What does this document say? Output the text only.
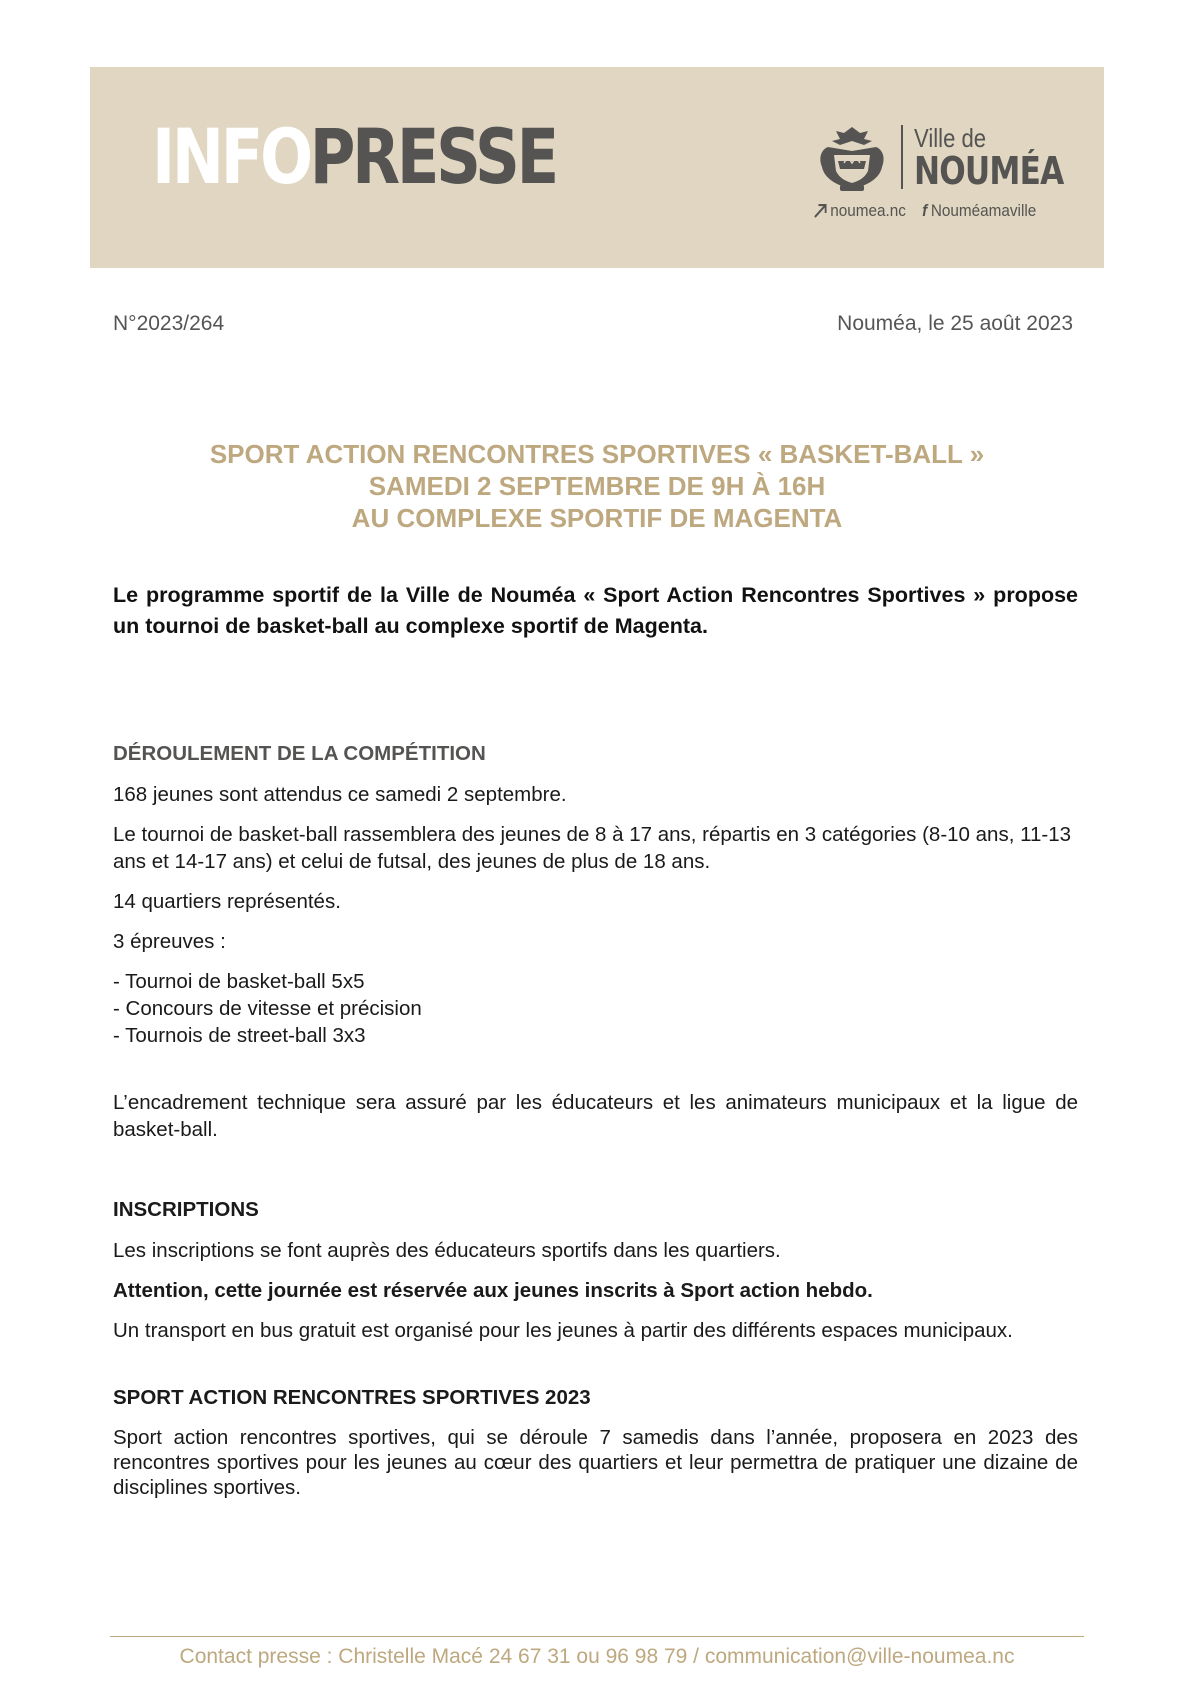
INFOPRESSE	Ville de
NOUMÉA
noumea.nc f Nouméamaville
N°2023/264	Nouméa, le 25 août 2023
SPORT ACTION RENCONTRES SPORTIVES « BASKET-BALL »
SAMEDI 2 SEPTEMBRE DE 9H À 16H
AU COMPLEXE SPORTIF DE MAGENTA
Le programme sportif de la Ville de Nouméa « Sport Action Rencontres Sportives » propose un tournoi de basket-ball au complexe sportif de Magenta.
DÉROULEMENT DE LA COMPÉTITION

168 jeunes sont attendus ce samedi 2 septembre.

Le tournoi de basket-ball rassemblera des jeunes de 8 à 17 ans, répartis en 3 catégories (8-10 ans, 11-13 ans et 14-17 ans) et celui de futsal, des jeunes de plus de 18 ans.

14 quartiers représentés.

3 épreuves :

- Tournoi de basket-ball 5x5

- Concours de vitesse et précision

- Tournois de street-ball 3x3

L’encadrement technique sera assuré par les éducateurs et les animateurs municipaux et la ligue de basket-ball.

INSCRIPTIONS

Les inscriptions se font auprès des éducateurs sportifs dans les quartiers.

Attention, cette journée est réservée aux jeunes inscrits à Sport action hebdo.

Un transport en bus gratuit est organisé pour les jeunes à partir des différents espaces municipaux.

SPORT ACTION RENCONTRES SPORTIVES 2023

Sport action rencontres sportives, qui se déroule 7 samedis dans l’année, proposera en 2023 des rencontres sportives pour les jeunes au cœur des quartiers et leur permettra de pratiquer une dizaine de disciplines sportives.

Contact presse : Christelle Macé 24 67 31 ou 96 98 79 / communication@ville-noumea.nc
